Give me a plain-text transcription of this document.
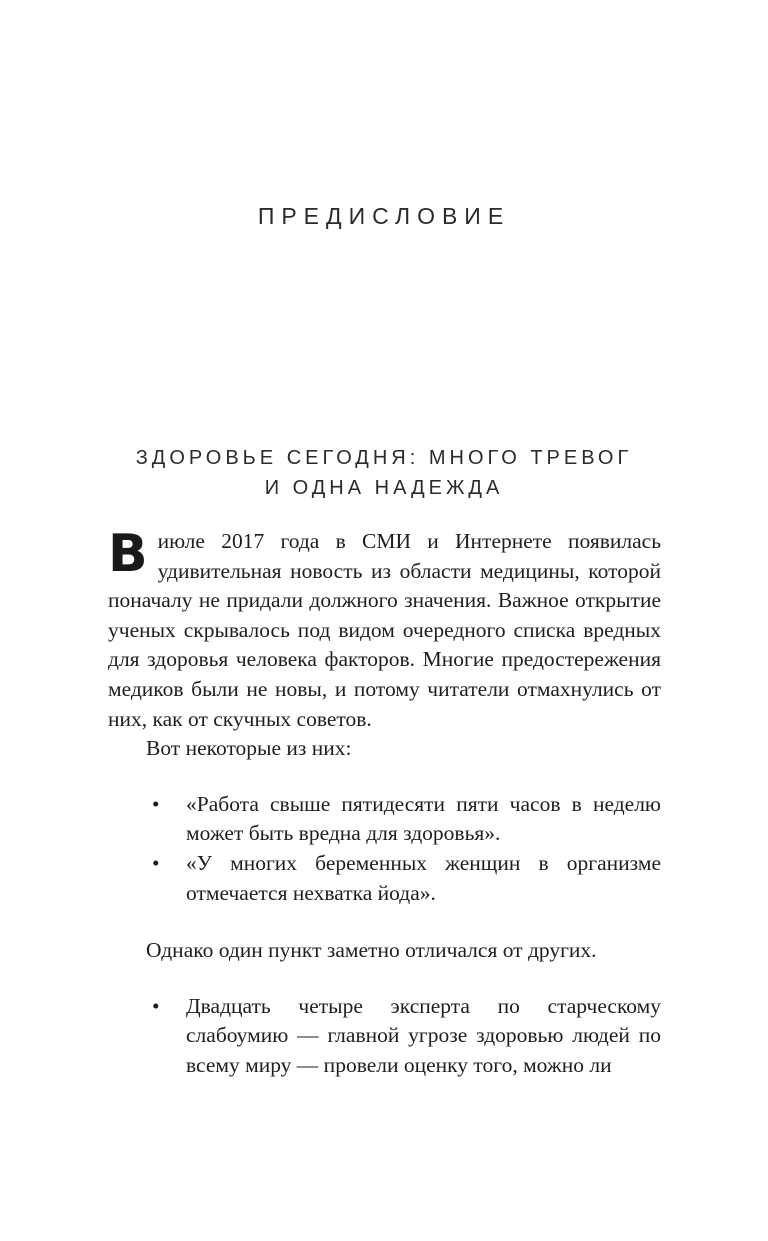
ПРЕДИСЛОВИЕ
ЗДОРОВЬЕ СЕГОДНЯ: МНОГО ТРЕВОГ
И ОДНА НАДЕЖДА

Виюле 2017 года в СМИ и Интернете появилась удивительная новость из области медицины, которой поначалу не придали должного значения. Важное открытие ученых скрывалось под видом очередного списка вредных для здоровья человека факторов. Многие предостережения медиков были не новы, и потому читатели отмахнулись от них, как от скучных советов.

Вот некоторые из них:

• «Работа свыше пятидесяти пяти часов в неделю может быть вредна для здоровья».
• «У многих беременных женщин в организме отмечается нехватка йода».

Однако один пункт заметно отличался от других.

• Двадцать четыре эксперта по старческому слабоумию — главной угрозе здоровью людей по всему миру — провели оценку того, можно ли
